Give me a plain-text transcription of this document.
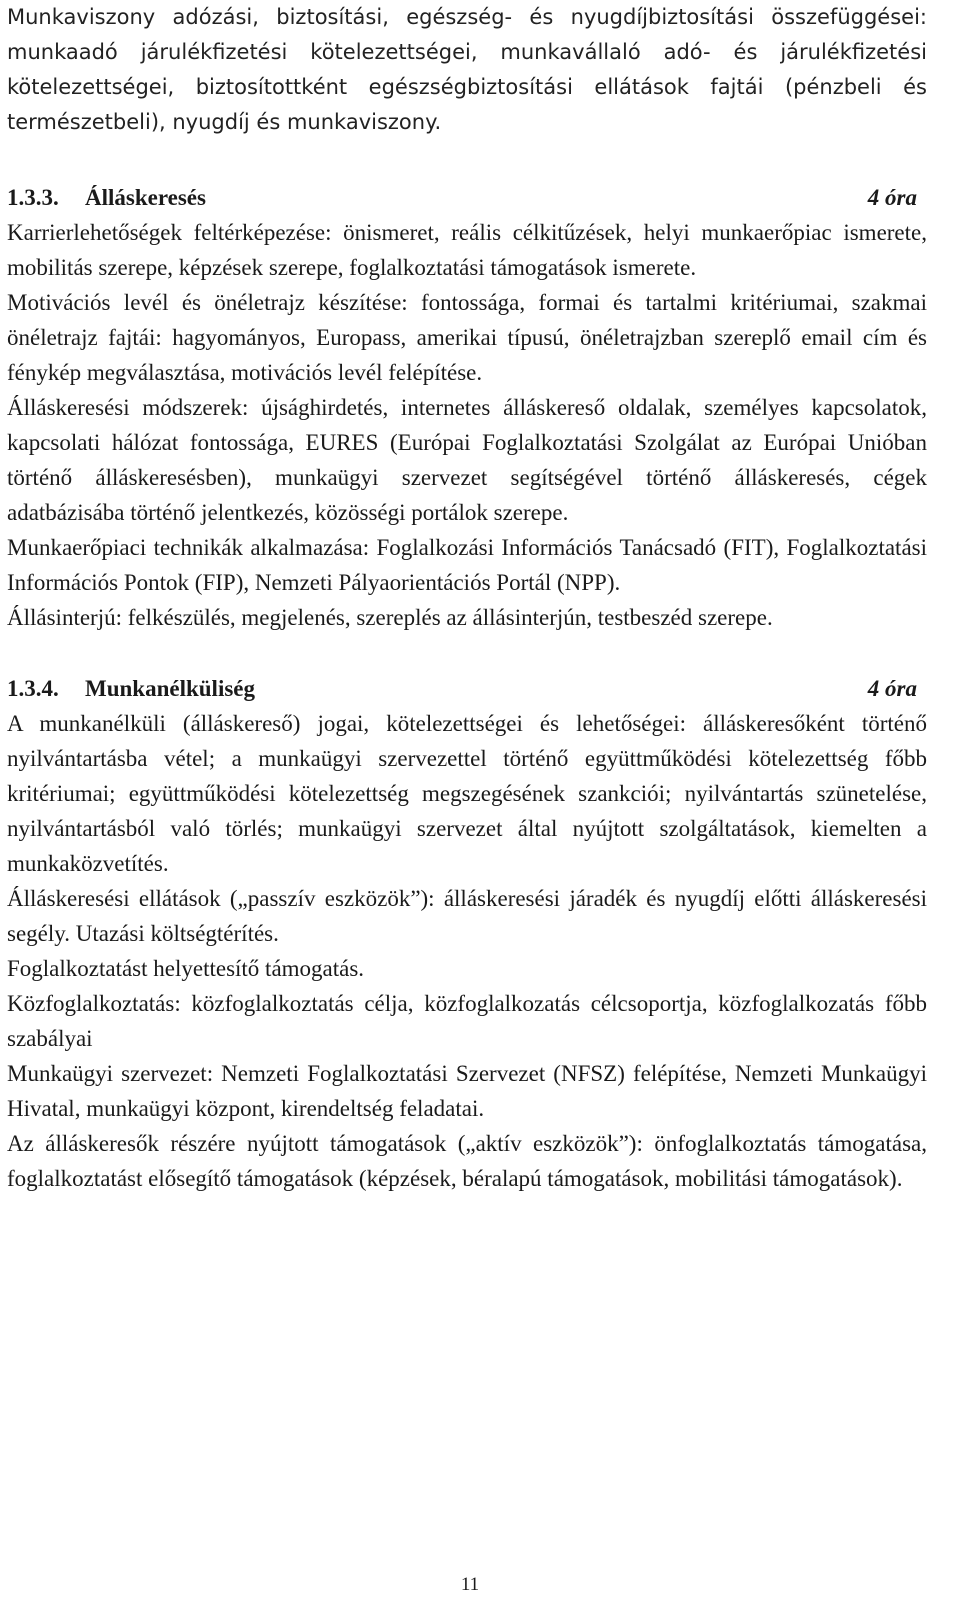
Munkaviszony adózási, biztosítási, egészség- és nyugdíjbiztosítási összefüggései: munkaadó járulékfizetési kötelezettségei, munkavállaló adó- és járulékfizetési kötelezettségei, biztosítottként egészségbiztosítási ellátások fajtái (pénzbeli és természetbeli), nyugdíj és munkaviszony.

1.3.3. Álláskeresés	4 óra

Karrierlehetőségek feltérképezése: önismeret, reális célkitűzések, helyi munkaerőpiac ismerete, mobilitás szerepe, képzések szerepe, foglalkoztatási támogatások ismerete.

Motivációs levél és önéletrajz készítése: fontossága, formai és tartalmi kritériumai, szakmai önéletrajz fajtái: hagyományos, Europass, amerikai típusú, önéletrajzban szereplő email cím és fénykép megválasztása, motivációs levél felépítése.

Álláskeresési módszerek: újsághirdetés, internetes álláskereső oldalak, személyes kapcsolatok, kapcsolati hálózat fontossága, EURES (Európai Foglalkoztatási Szolgálat az Európai Unióban történő álláskeresésben), munkaügyi szervezet segítségével történő álláskeresés, cégek adatbázisába történő jelentkezés, közösségi portálok szerepe.

Munkaerőpiaci technikák alkalmazása: Foglalkozási Információs Tanácsadó (FIT), Foglalkoztatási Információs Pontok (FIP), Nemzeti Pályaorientációs Portál (NPP).

Állásinterjú: felkészülés, megjelenés, szereplés az állásinterjún, testbeszéd szerepe.

1.3.4. Munkanélküliség	4 óra

A munkanélküli (álláskereső) jogai, kötelezettségei és lehetőségei: álláskeresőként történő nyilvántartásba vétel; a munkaügyi szervezettel történő együttműködési kötelezettség főbb kritériumai; együttműködési kötelezettség megszegésének szankciói; nyilvántartás szünetelése, nyilvántartásból való törlés; munkaügyi szervezet által nyújtott szolgáltatások, kiemelten a munkaközvetítés.

Álláskeresési ellátások („passzív eszközök”): álláskeresési járadék és nyugdíj előtti álláskeresési segély. Utazási költségtérítés.

Foglalkoztatást helyettesítő támogatás.

Közfoglalkoztatás: közfoglalkoztatás célja, közfoglalkozatás célcsoportja, közfoglalkozatás főbb szabályai

Munkaügyi szervezet: Nemzeti Foglalkoztatási Szervezet (NFSZ) felépítése, Nemzeti Munkaügyi Hivatal, munkaügyi központ, kirendeltség feladatai.

Az álláskeresők részére nyújtott támogatások („aktív eszközök”): önfoglalkoztatás támogatása, foglalkoztatást elősegítő támogatások (képzések, béralapú támogatások, mobilitási támogatások).

11
